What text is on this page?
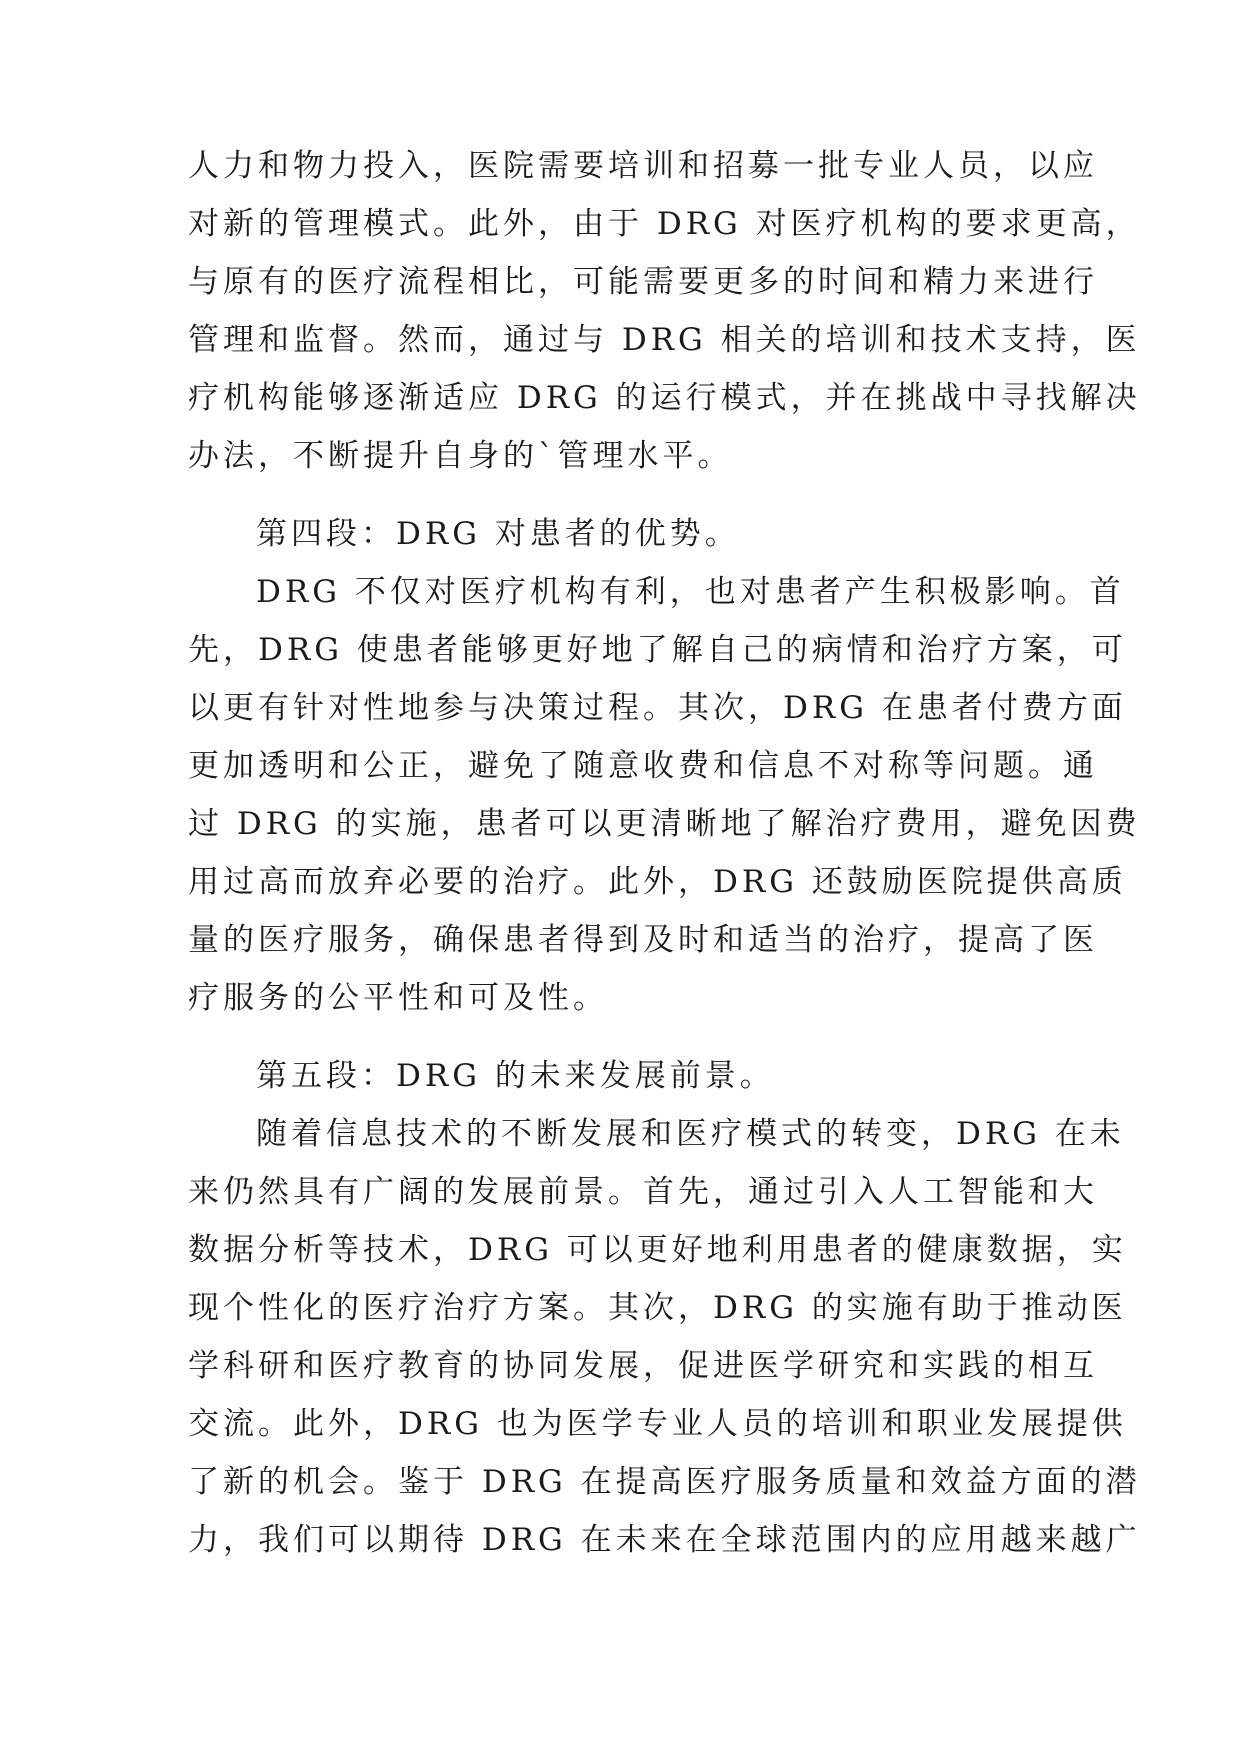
人力和物力投入，医院需要培训和招募一批专业人员，以应
对新的管理模式。此外，由于 DRG 对医疗机构的要求更高，
与原有的医疗流程相比，可能需要更多的时间和精力来进行
管理和监督。然而，通过与 DRG 相关的培训和技术支持，医
疗机构能够逐渐适应 DRG 的运行模式，并在挑战中寻找解决
办法，不断提升自身的`管理水平。
第四段：DRG 对患者的优势。
DRG 不仅对医疗机构有利，也对患者产生积极影响。首
先，DRG 使患者能够更好地了解自己的病情和治疗方案，可
以更有针对性地参与决策过程。其次，DRG 在患者付费方面
更加透明和公正，避免了随意收费和信息不对称等问题。通
过 DRG 的实施，患者可以更清晰地了解治疗费用，避免因费
用过高而放弃必要的治疗。此外，DRG 还鼓励医院提供高质
量的医疗服务，确保患者得到及时和适当的治疗，提高了医
疗服务的公平性和可及性。
第五段：DRG 的未来发展前景。
随着信息技术的不断发展和医疗模式的转变，DRG 在未
来仍然具有广阔的发展前景。首先，通过引入人工智能和大
数据分析等技术，DRG 可以更好地利用患者的健康数据，实
现个性化的医疗治疗方案。其次，DRG 的实施有助于推动医
学科研和医疗教育的协同发展，促进医学研究和实践的相互
交流。此外，DRG 也为医学专业人员的培训和职业发展提供
了新的机会。鉴于 DRG 在提高医疗服务质量和效益方面的潜
力，我们可以期待 DRG 在未来在全球范围内的应用越来越广
